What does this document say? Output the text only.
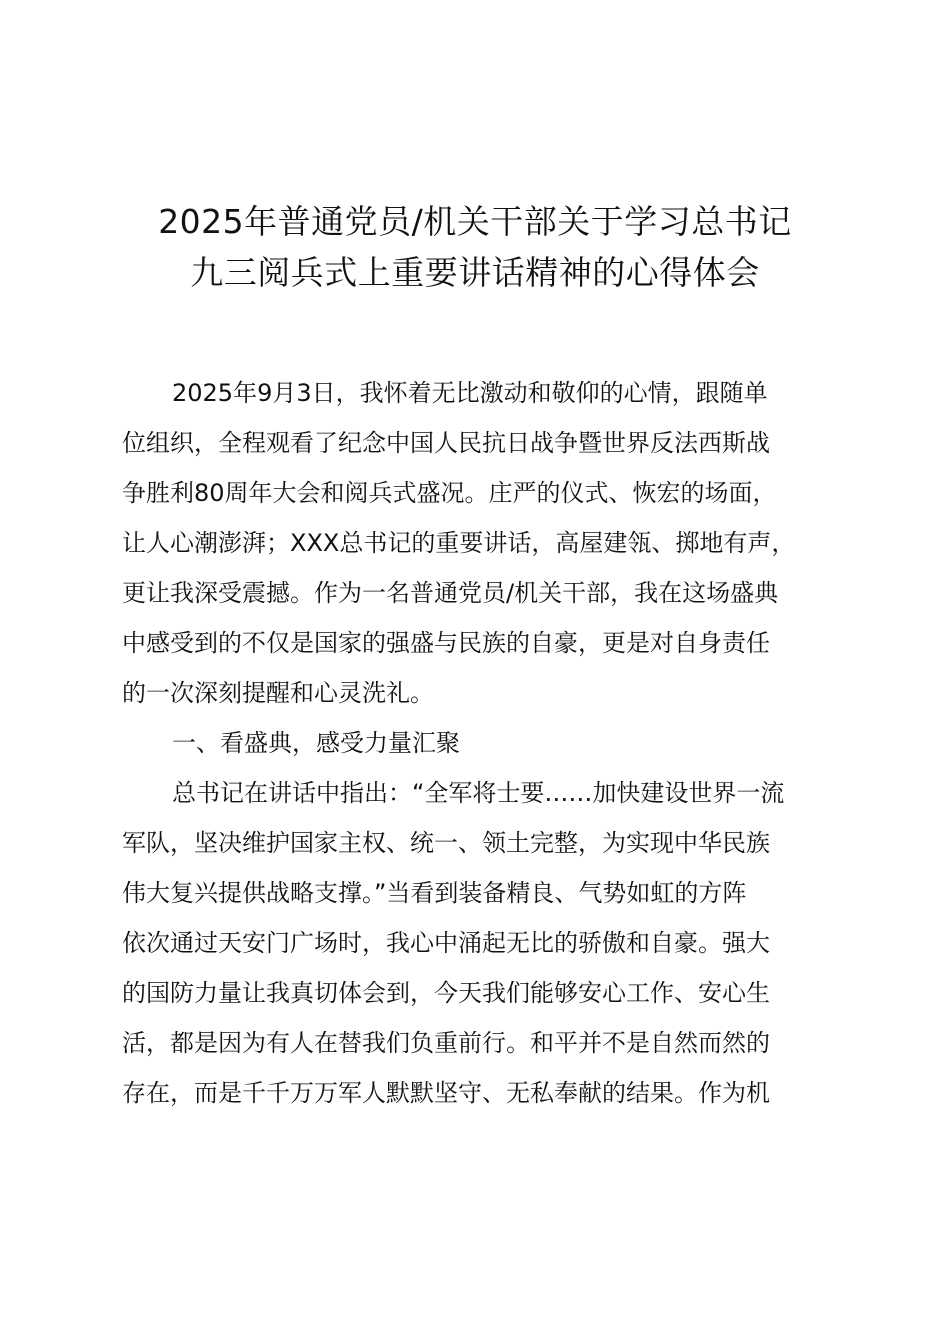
2025年普通党员/机关干部关于学习总书记
九三阅兵式上重要讲话精神的心得体会
2025年9月3日，我怀着无比激动和敬仰的心情，跟随单
位组织，全程观看了纪念中国人民抗日战争暨世界反法西斯战
争胜利80周年大会和阅兵式盛况。庄严的仪式、恢宏的场面，
让人心潮澎湃；XXX总书记的重要讲话，高屋建瓴、掷地有声，
更让我深受震撼。作为一名普通党员/机关干部，我在这场盛典
中感受到的不仅是国家的强盛与民族的自豪，更是对自身责任
的一次深刻提醒和心灵洗礼。
一、看盛典，感受力量汇聚
总书记在讲话中指出：“全军将士要……加快建设世界一流
军队，坚决维护国家主权、统一、领土完整，为实现中华民族
伟大复兴提供战略支撑。”当看到装备精良、气势如虹的方阵
依次通过天安门广场时，我心中涌起无比的骄傲和自豪。强大
的国防力量让我真切体会到，今天我们能够安心工作、安心生
活，都是因为有人在替我们负重前行。和平并不是自然而然的
存在，而是千千万万军人默默坚守、无私奉献的结果。作为机
